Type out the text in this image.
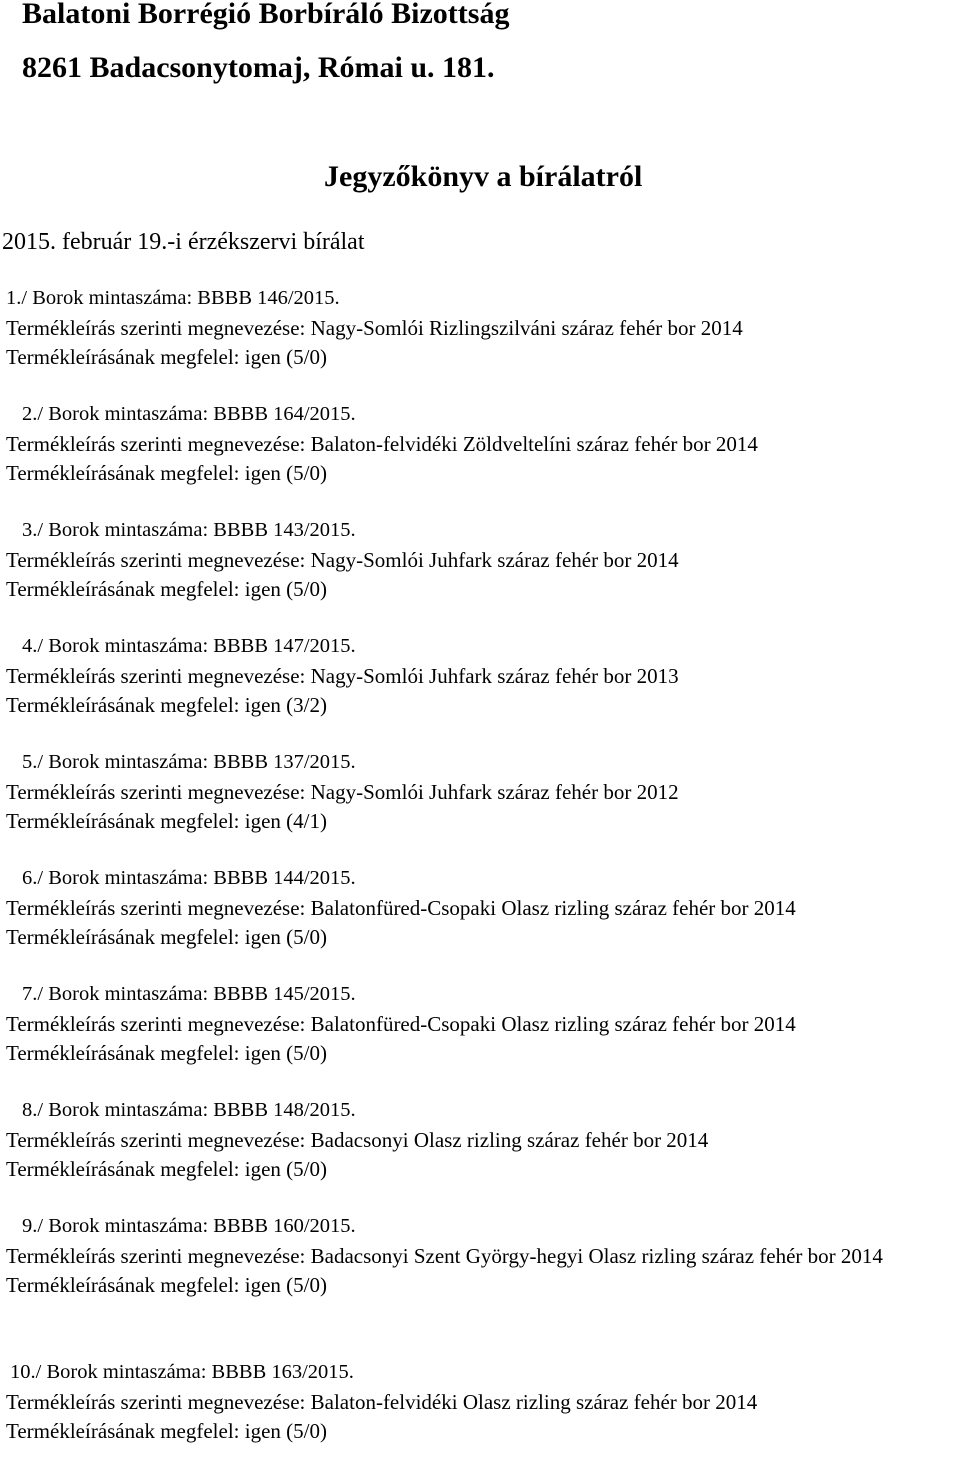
Balatoni Borrégió Borbíráló Bizottság
8261 Badacsonytomaj, Római u. 181.
Jegyzőkönyv a bírálatról
2015. február 19.-i érzékszervi bírálat
1./ Borok mintaszáma: BBBB 146/2015.
Termékleírás szerinti megnevezése: Nagy-Somlói Rizlingszilváni száraz fehér bor 2014
Termékleírásának megfelel: igen (5/0)
2./ Borok mintaszáma: BBBB 164/2015.
Termékleírás szerinti megnevezése: Balaton-felvidéki Zöldveltelíni száraz fehér bor 2014
Termékleírásának megfelel: igen (5/0)
3./ Borok mintaszáma: BBBB 143/2015.
Termékleírás szerinti megnevezése: Nagy-Somlói Juhfark száraz fehér bor 2014
Termékleírásának megfelel: igen (5/0)
4./ Borok mintaszáma: BBBB 147/2015.
Termékleírás szerinti megnevezése: Nagy-Somlói Juhfark száraz fehér bor 2013
Termékleírásának megfelel: igen (3/2)
5./ Borok mintaszáma: BBBB 137/2015.
Termékleírás szerinti megnevezése: Nagy-Somlói Juhfark száraz fehér bor 2012
Termékleírásának megfelel: igen (4/1)
6./ Borok mintaszáma: BBBB 144/2015.
Termékleírás szerinti megnevezése: Balatonfüred-Csopaki Olasz rizling száraz fehér bor 2014
Termékleírásának megfelel: igen (5/0)
7./ Borok mintaszáma: BBBB 145/2015.
Termékleírás szerinti megnevezése: Balatonfüred-Csopaki Olasz rizling száraz fehér bor 2014
Termékleírásának megfelel: igen (5/0)
8./ Borok mintaszáma: BBBB 148/2015.
Termékleírás szerinti megnevezése: Badacsonyi Olasz rizling száraz fehér bor 2014
Termékleírásának megfelel: igen (5/0)
9./ Borok mintaszáma: BBBB 160/2015.
Termékleírás szerinti megnevezése: Badacsonyi Szent György-hegyi Olasz rizling száraz fehér bor 2014
Termékleírásának megfelel: igen (5/0)
10./ Borok mintaszáma: BBBB 163/2015.
Termékleírás szerinti megnevezése: Balaton-felvidéki Olasz rizling száraz fehér bor 2014
Termékleírásának megfelel: igen (5/0)
